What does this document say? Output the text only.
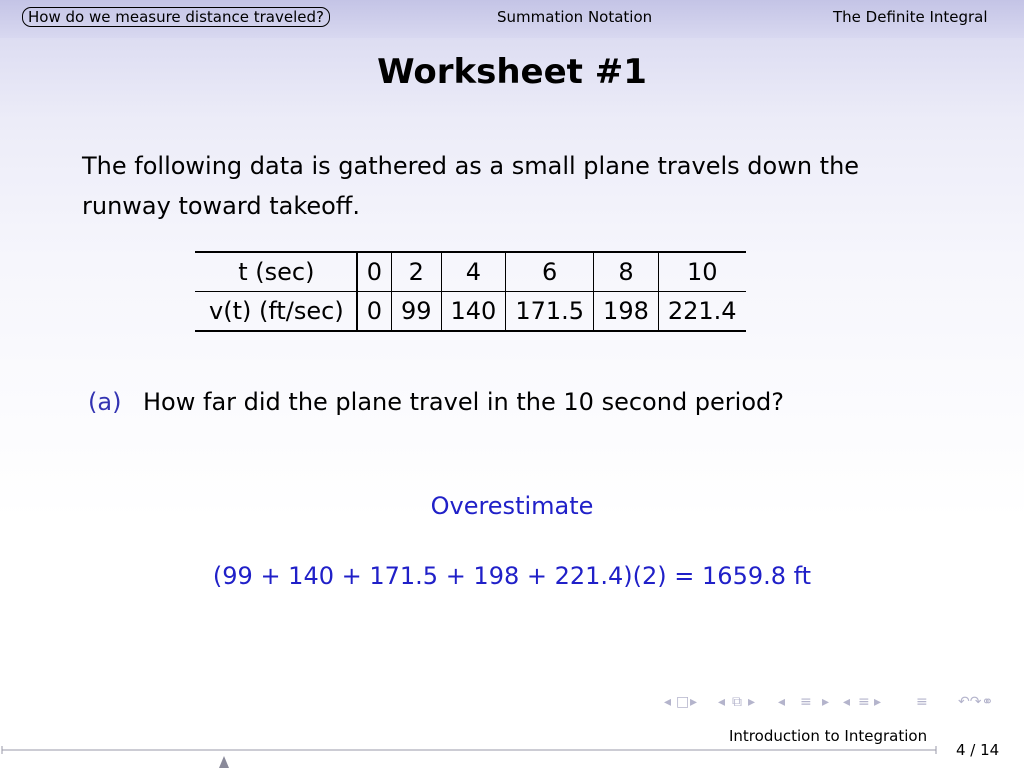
How do we measure distance traveled?	Summation Notation	The Definite Integral
Worksheet #1
The following data is gathered as a small plane travels down the runway toward takeoff.
t (sec)	0	2	4	6	8	10
v(t) (ft/sec)	0	99	140	171.5	198	221.4
(a) How far did the plane travel in the 10 second period?
Overestimate
(99 + 140 + 171.5 + 198 + 221.4)(2) = 1659.8 ft
◂ □ ▸ ◂ ⧉ ▸ ◂ ≡ ▸ ◂ ≡ ▸ ≡ ↶↷⚭
Introduction to Integration
4 / 14
